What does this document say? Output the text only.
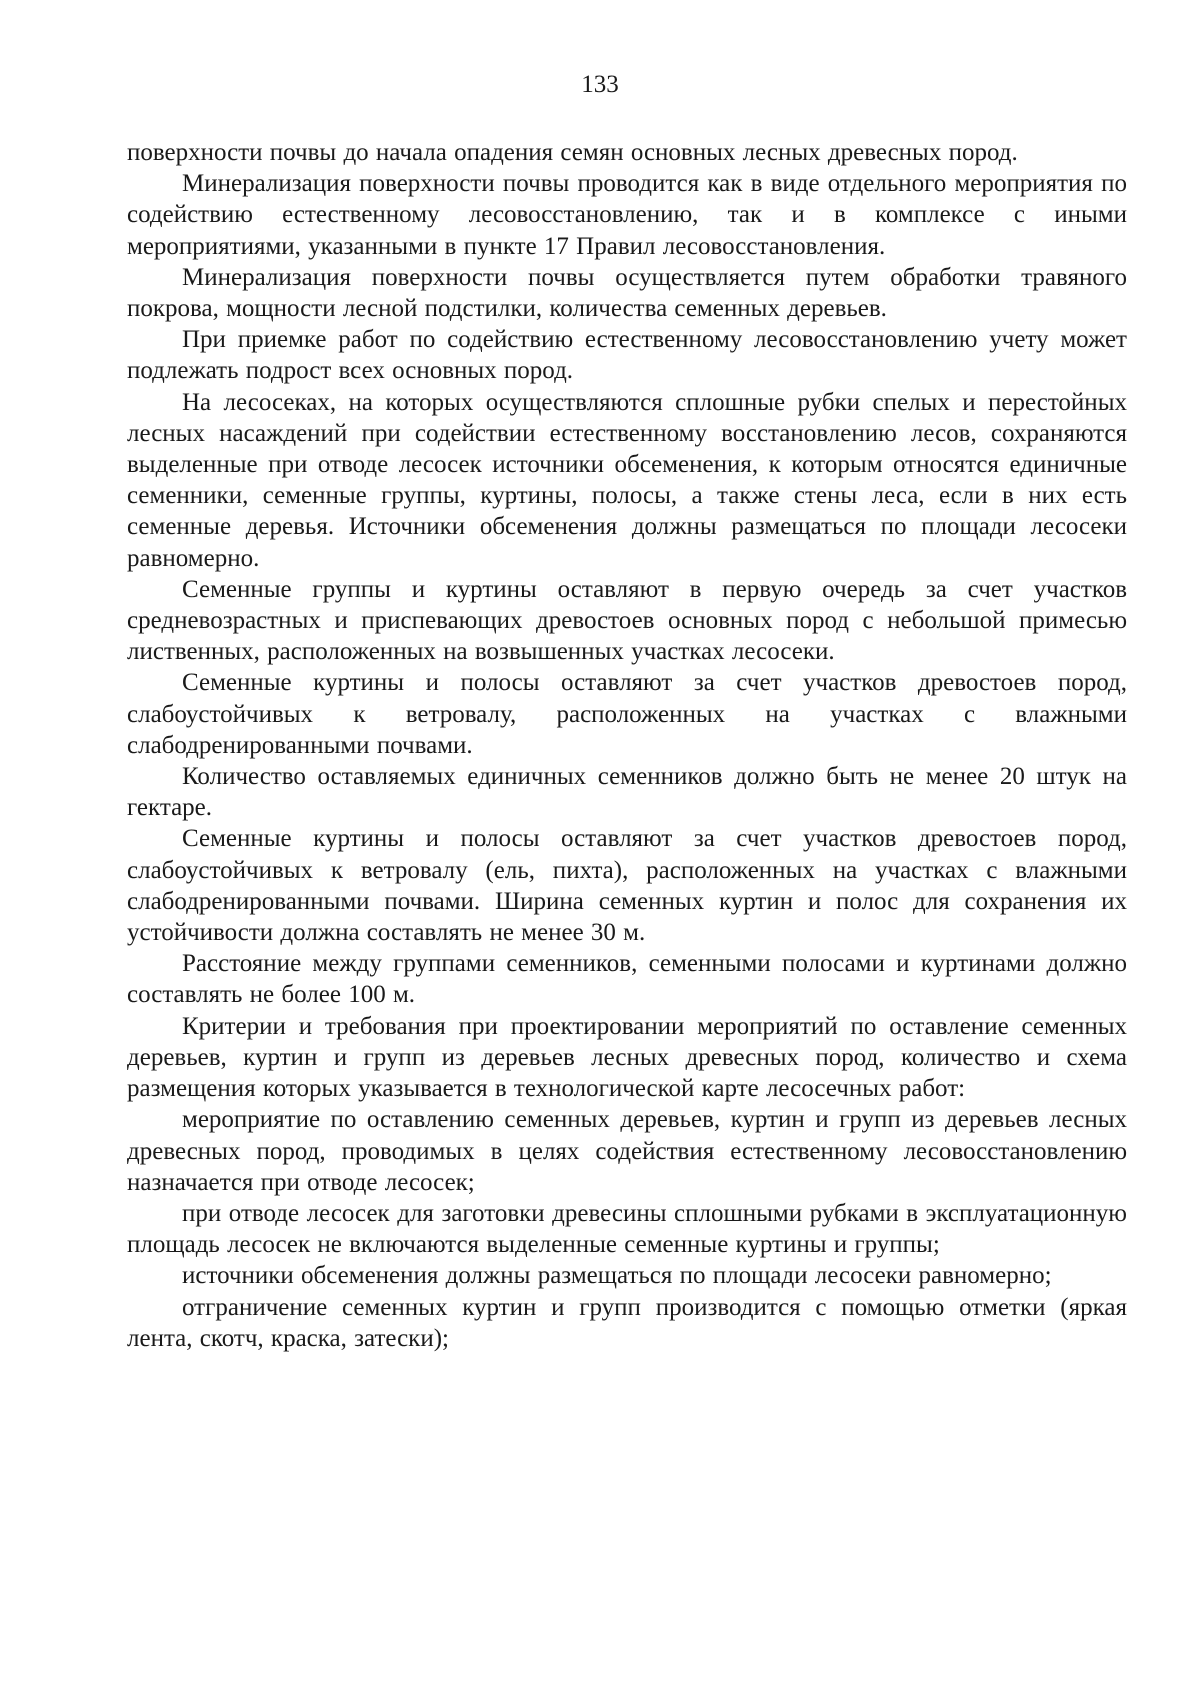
133

поверхности почвы до начала опадения семян основных лесных древесных пород.

Минерализация поверхности почвы проводится как в виде отдельного мероприятия по содействию естественному лесовосстановлению, так и в комплексе с иными мероприятиями, указанными в пункте 17 Правил лесовосстановления.

Минерализация поверхности почвы осуществляется путем обработки травяного покрова, мощности лесной подстилки, количества семенных деревьев.

При приемке работ по содействию естественному лесовосстановлению учету может подлежать подрост всех основных пород.

На лесосеках, на которых осуществляются сплошные рубки спелых и перестойных лесных насаждений при содействии естественному восстановлению лесов, сохраняются выделенные при отводе лесосек источники обсеменения, к которым относятся единичные семенники, семенные группы, куртины, полосы, а также стены леса, если в них есть семенные деревья. Источники обсеменения должны размещаться по площади лесосеки равномерно.

Семенные группы и куртины оставляют в первую очередь за счет участков средневозрастных и приспевающих древостоев основных пород с небольшой примесью лиственных, расположенных на возвышенных участках лесосеки.

Семенные куртины и полосы оставляют за счет участков древостоев пород, слабоустойчивых к ветровалу, расположенных на участках с влажными слабодренированными почвами.

Количество оставляемых единичных семенников должно быть не менее 20 штук на гектаре.

Семенные куртины и полосы оставляют за счет участков древостоев пород, слабоустойчивых к ветровалу (ель, пихта), расположенных на участках с влажными слабодренированными почвами. Ширина семенных куртин и полос для сохранения их устойчивости должна составлять не менее 30 м.

Расстояние между группами семенников, семенными полосами и куртинами должно составлять не более 100 м.

Критерии и требования при проектировании мероприятий по оставление семенных деревьев, куртин и групп из деревьев лесных древесных пород, количество и схема размещения которых указывается в технологической карте лесосечных работ:

мероприятие по оставлению семенных деревьев, куртин и групп из деревьев лесных древесных пород, проводимых в целях содействия естественному лесовосстановлению назначается при отводе лесосек;

при отводе лесосек для заготовки древесины сплошными рубками в эксплуатационную площадь лесосек не включаются выделенные семенные куртины и группы;

источники обсеменения должны размещаться по площади лесосеки равномерно;

отграничение семенных куртин и групп производится с помощью отметки (яркая лента, скотч, краска, затески);
